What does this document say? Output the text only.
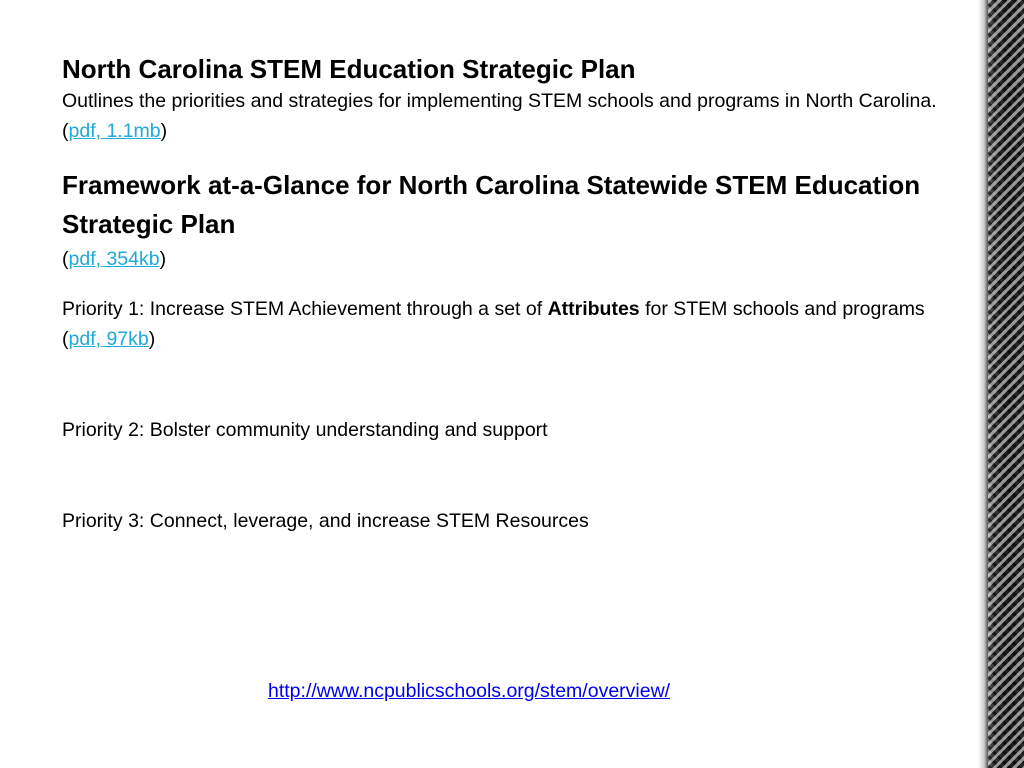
North Carolina STEM Education Strategic Plan

Outlines the priorities and strategies for implementing STEM schools and programs in North Carolina.

(pdf, 1.1mb)

Framework at-a-Glance for North Carolina Statewide STEM Education Strategic Plan

(pdf, 354kb)

Priority 1: Increase STEM Achievement through a set of Attributes for STEM schools and programs

(pdf, 97kb)

Priority 2: Bolster community understanding and support

Priority 3: Connect, leverage, and increase STEM Resources

http://www.ncpublicschools.org/stem/overview/
